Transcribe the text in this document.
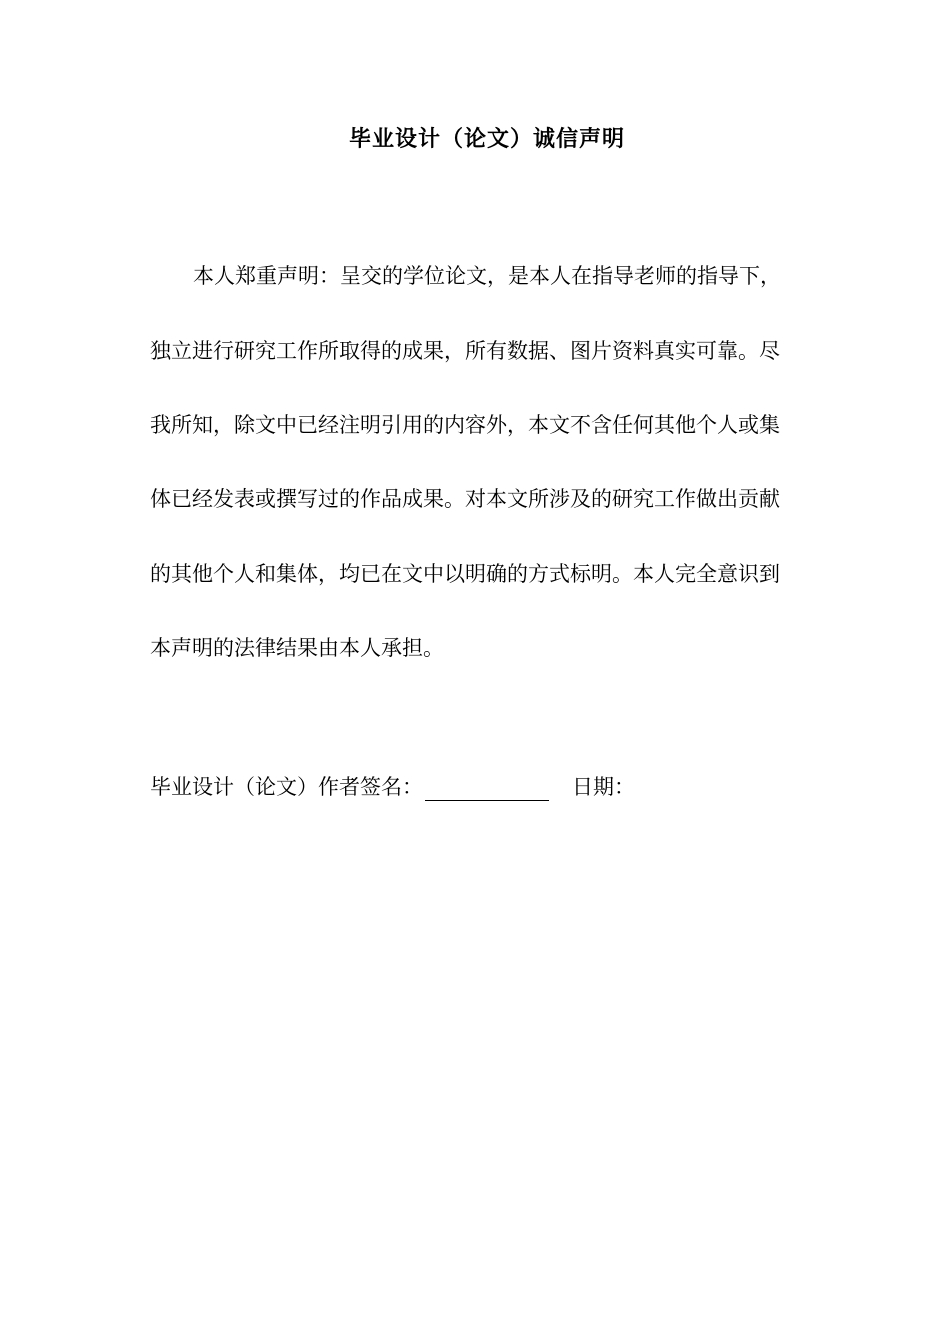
毕业设计（论文）诚信声明

本人郑重声明：呈交的学位论文，是本人在指导老师的指导下，

独立进行研究工作所取得的成果，所有数据、图片资料真实可靠。尽

我所知，除文中已经注明引用的内容外，本文不含任何其他个人或集

体已经发表或撰写过的作品成果。对本文所涉及的研究工作做出贡献

的其他个人和集体，均已在文中以明确的方式标明。本人完全意识到

本声明的法律结果由本人承担。

毕业设计（论文）作者签名：	日期：
